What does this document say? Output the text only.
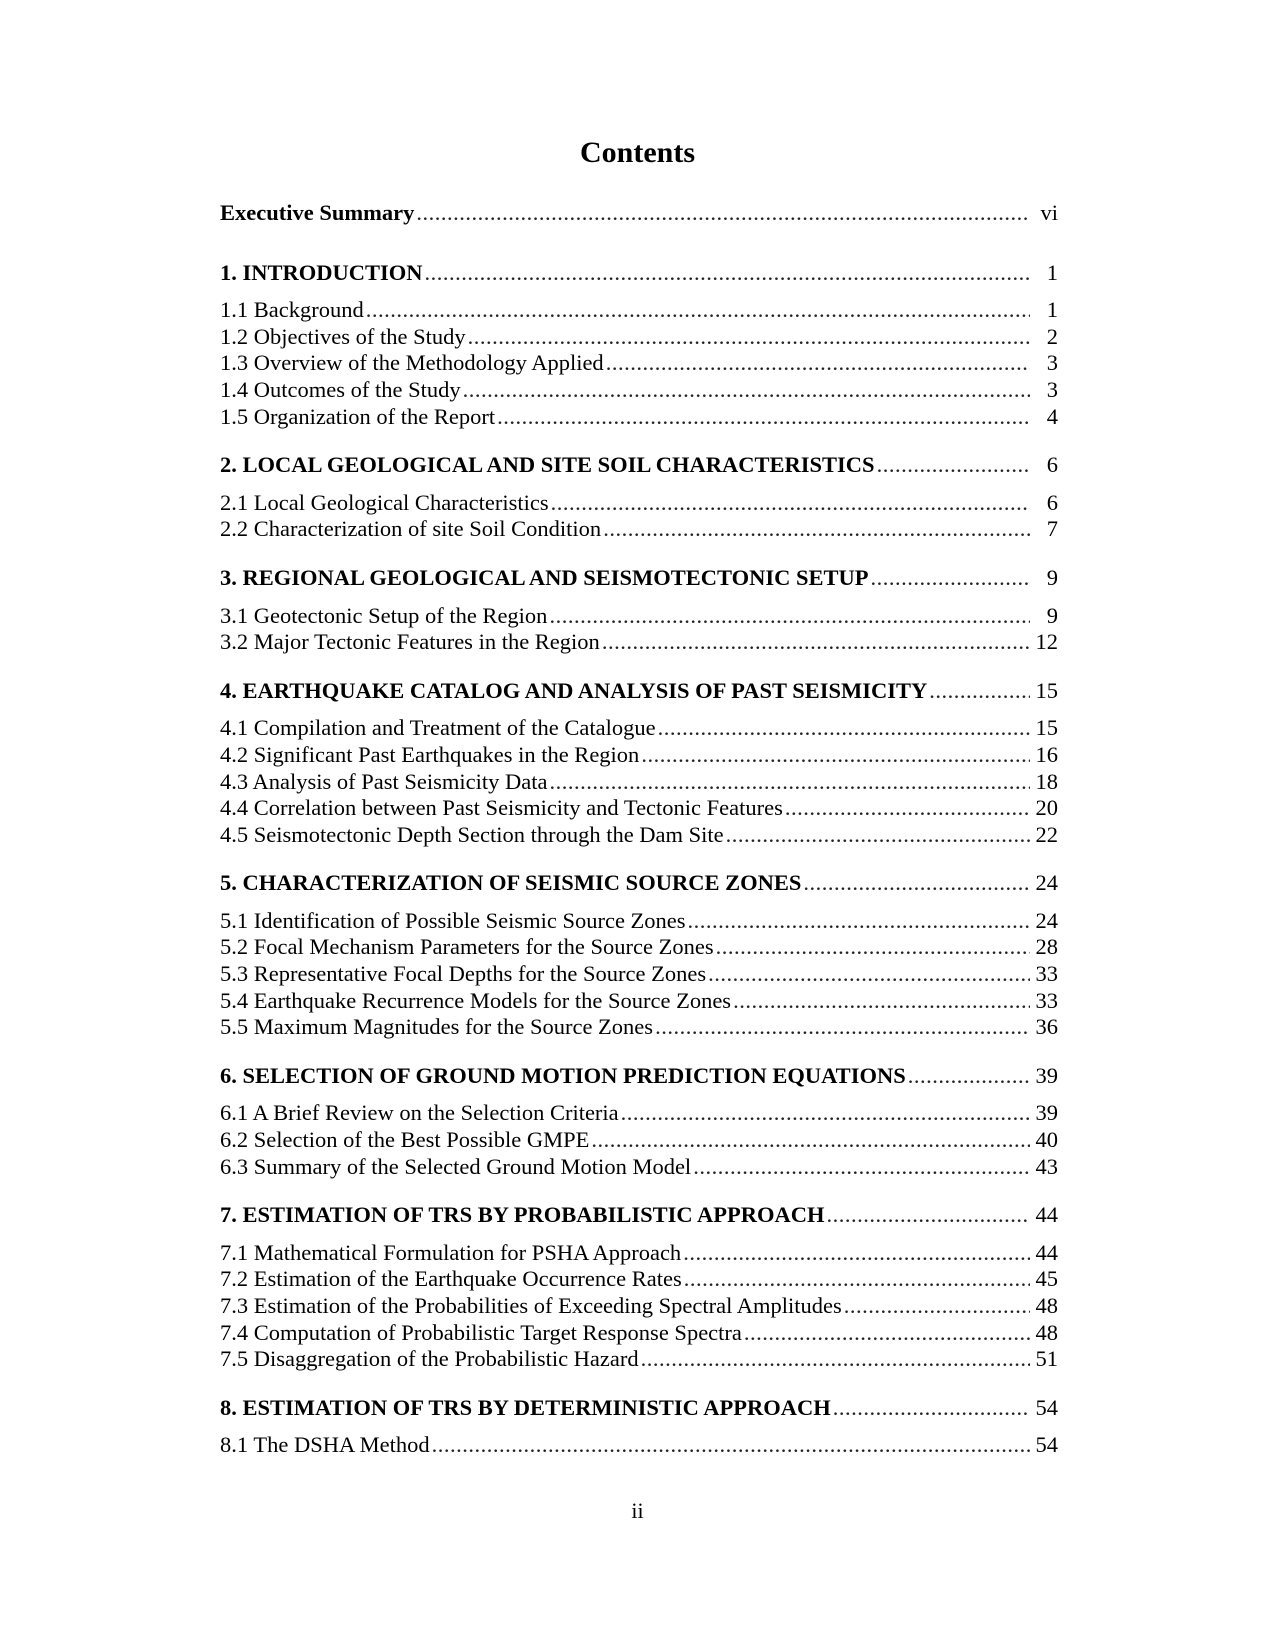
Contents
Executive Summary .....	vi
1. INTRODUCTION .....	1
1.1 Background .....	1
1.2 Objectives of the Study .....	2
1.3 Overview of the Methodology Applied .....	3
1.4 Outcomes of the Study .....	3
1.5 Organization of the Report .....	4
2. LOCAL GEOLOGICAL AND SITE SOIL CHARACTERISTICS .....	6
2.1 Local Geological Characteristics .....	6
2.2 Characterization of site Soil Condition .....	7
3. REGIONAL GEOLOGICAL AND SEISMOTECTONIC SETUP .....	9
3.1 Geotectonic Setup of the Region .....	9
3.2 Major Tectonic Features in the Region .....	12
4. EARTHQUAKE CATALOG AND ANALYSIS OF PAST SEISMICITY .....	15
4.1 Compilation and Treatment of the Catalogue .....	15
4.2 Significant Past Earthquakes in the Region .....	16
4.3 Analysis of Past Seismicity Data .....	18
4.4 Correlation between Past Seismicity and Tectonic Features .....	20
4.5 Seismotectonic Depth Section through the Dam Site .....	22
5. CHARACTERIZATION OF SEISMIC SOURCE ZONES .....	24
5.1 Identification of Possible Seismic Source Zones .....	24
5.2 Focal Mechanism Parameters for the Source Zones .....	28
5.3 Representative Focal Depths for the Source Zones .....	33
5.4 Earthquake Recurrence Models for the Source Zones .....	33
5.5 Maximum Magnitudes for the Source Zones .....	36
6. SELECTION OF GROUND MOTION PREDICTION EQUATIONS .....	39
6.1 A Brief Review on the Selection Criteria .....	39
6.2 Selection of the Best Possible GMPE .....	40
6.3 Summary of the Selected Ground Motion Model .....	43
7. ESTIMATION OF TRS BY PROBABILISTIC APPROACH .....	44
7.1 Mathematical Formulation for PSHA Approach .....	44
7.2 Estimation of the Earthquake Occurrence Rates .....	45
7.3 Estimation of the Probabilities of Exceeding Spectral Amplitudes .....	48
7.4 Computation of Probabilistic Target Response Spectra .....	48
7.5 Disaggregation of the Probabilistic Hazard .....	51
8. ESTIMATION OF TRS BY DETERMINISTIC APPROACH .....	54
8.1 The DSHA Method .....	54
ii
